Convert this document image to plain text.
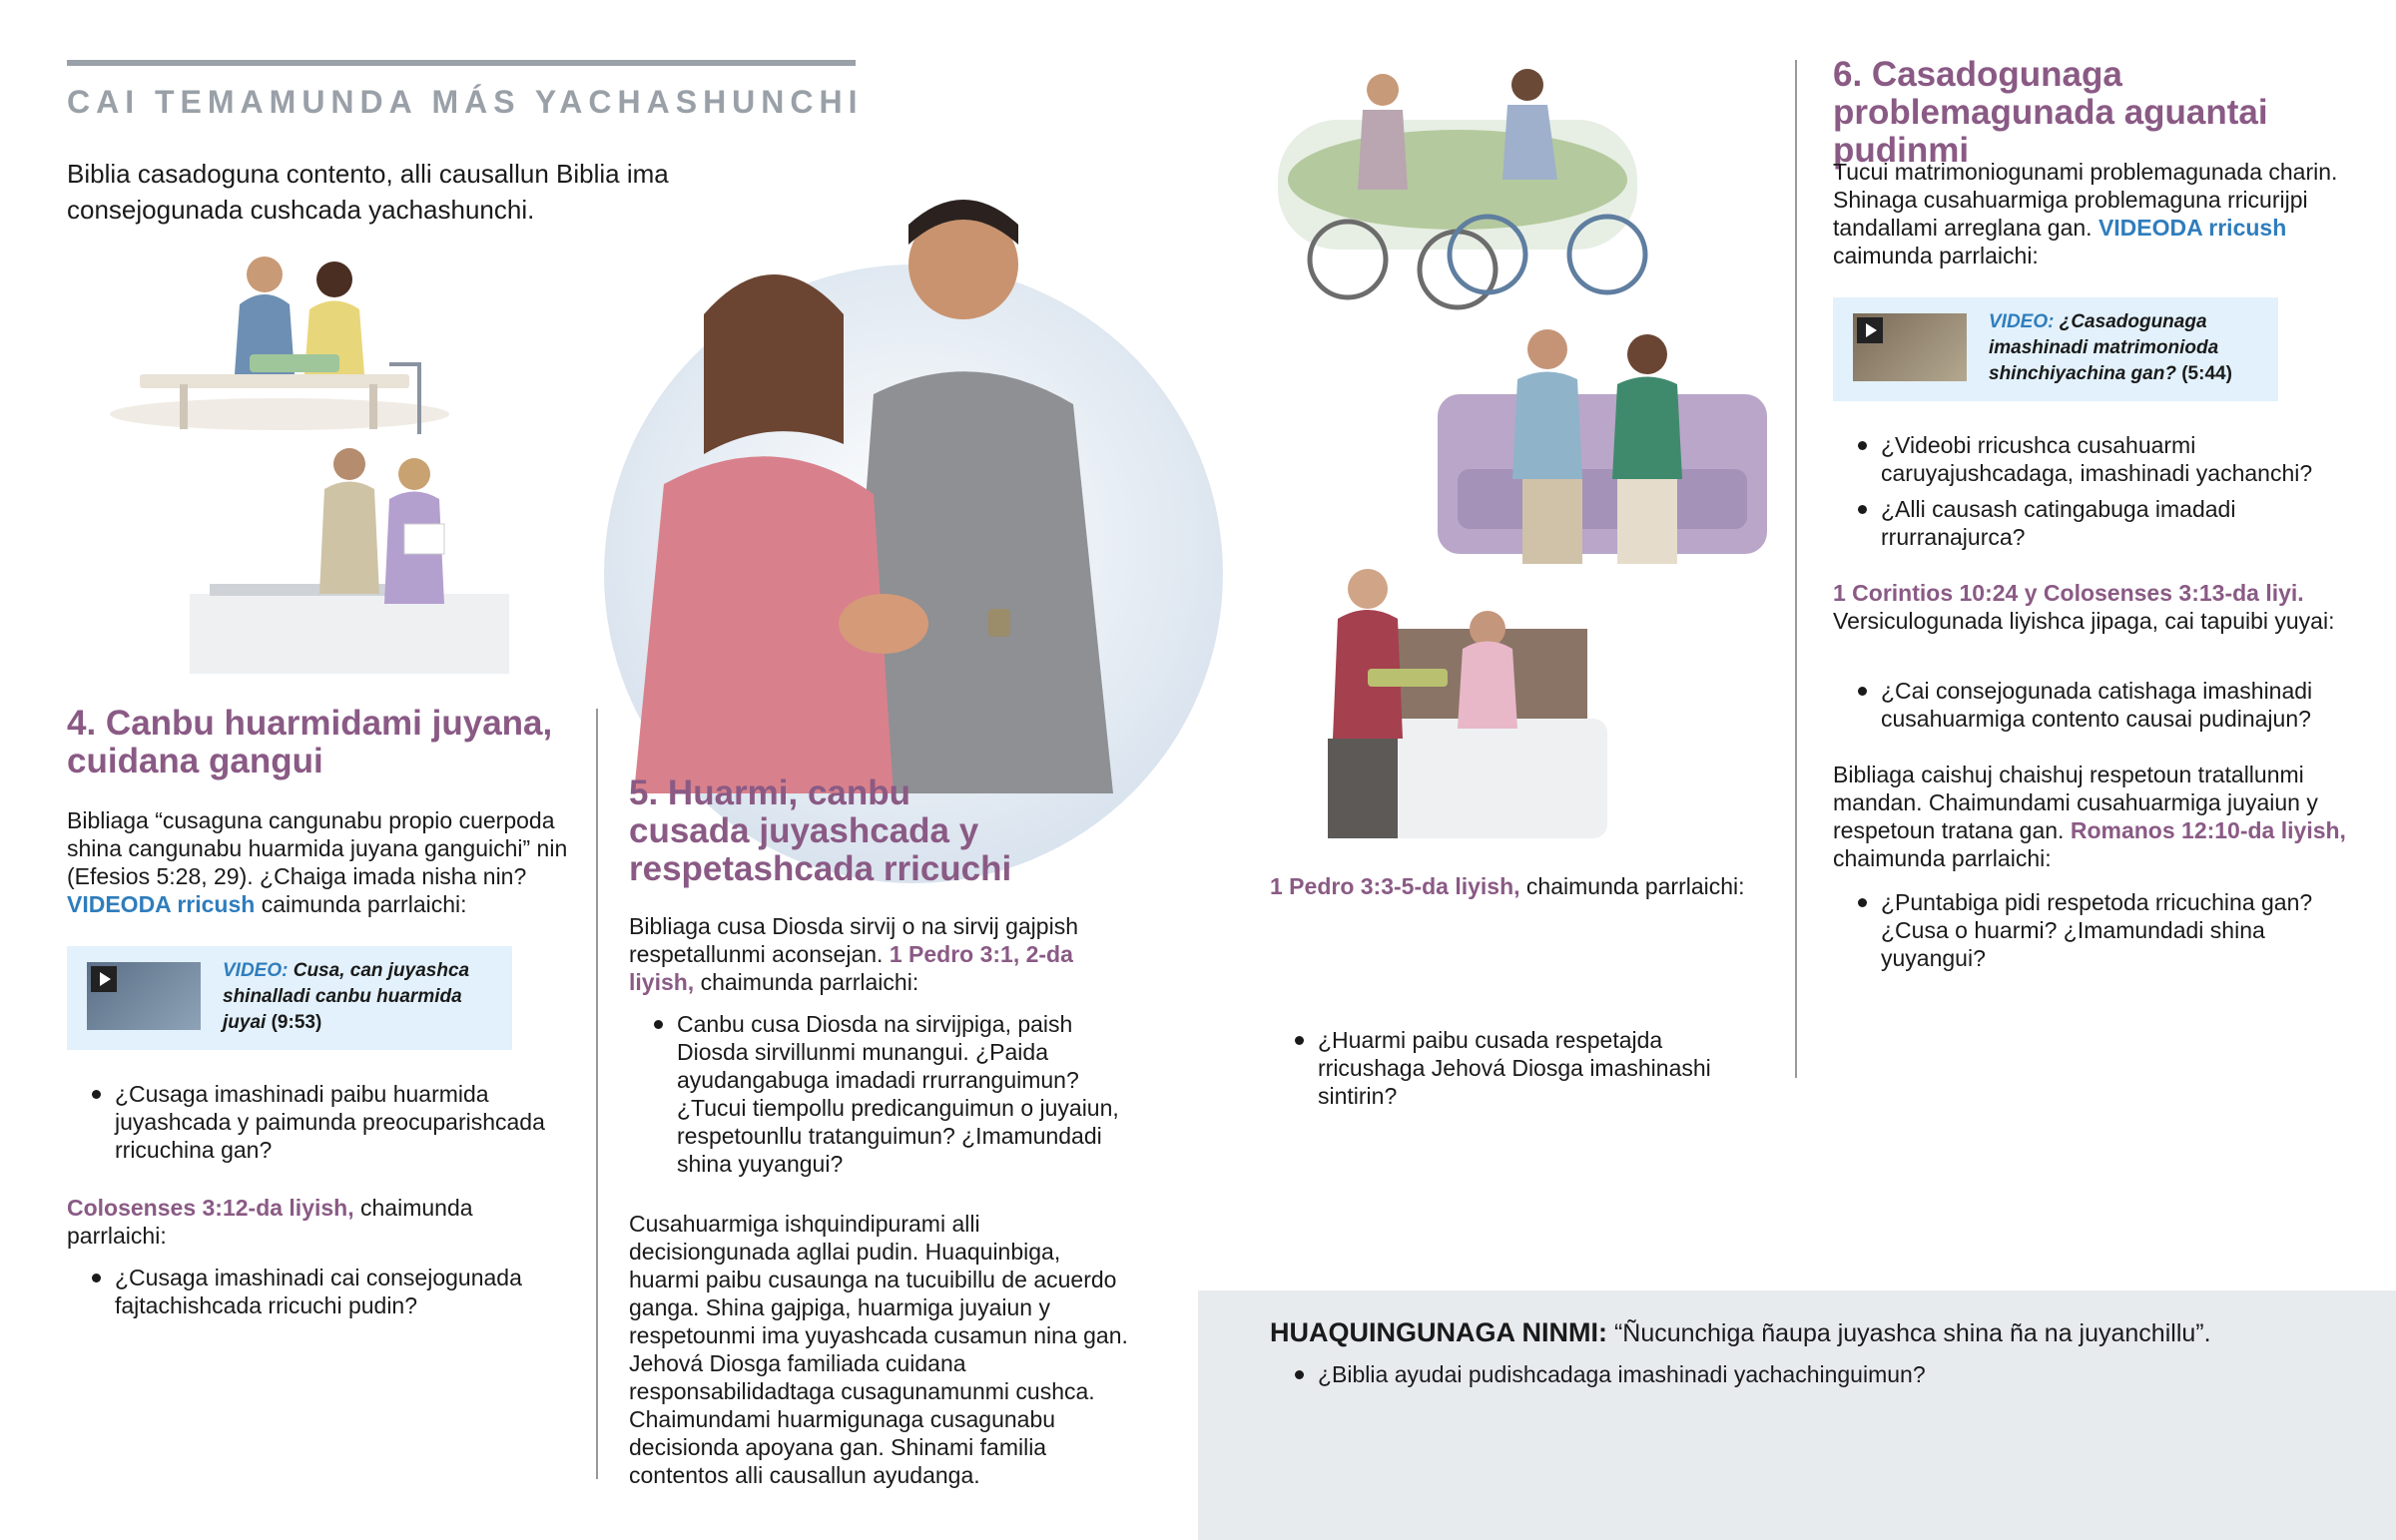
CAI TEMAMUNDA MÁS YACHASHUNCHI
Biblia casadoguna contento, alli causallun Biblia ima consejogunada cushcada yachashunchi.
4. Canbu huarmidami juyana, cuidana gangui
Bibliaga “cusaguna cangunabu propio cuerpoda shina cangunabu huarmida juyana ganguichi” nin (Efesios 5:28, 29). ¿Chaiga imada nisha nin? VIDEODA rricush caimunda parrlaichi:
VIDEO: Cusa, can juyashca shinalladi canbu huarmida juyai (9:53)
¿Cusaga imashinadi paibu huarmida juyashcada y paimunda preocuparishcada rricuchina gan?
Colosenses 3:12-da liyish, chaimunda parrlaichi:
¿Cusaga imashinadi cai consejogunada fajtachishcada rricuchi pudin?
5. Huarmi, canbu cusada juyashcada y respetashcada rricuchi
Bibliaga cusa Diosda sirvij o na sirvij gajpish respetallunmi aconsejan. 1 Pedro 3:1, 2-da liyish, chaimunda parrlaichi:
Canbu cusa Diosda na sirvijpiga, paish Diosda sirvillunmi munangui. ¿Paida ayudangabuga imadadi rrurranguimun? ¿Tucui tiempollu predicanguimun o juyaiun, respetounllu tratanguimun? ¿Imamundadi shina yuyangui?
Cusahuarmiga ishquindipurami alli decisiongunada agllai pudin. Huaquinbiga, huarmi paibu cusaunga na tucuibillu de acuerdo ganga. Shina gajpiga, huarmiga juyaiun y respetounmi ima yuyashcada cusamun nina gan. Jehová Diosga familiada cuidana responsabilidadtaga cusagunamunmi cushca. Chaimundami huarmigunaga cusagunabu decisionda apoyana gan. Shinami familia contentos alli causallun ayudanga.
1 Pedro 3:3-5-da liyish, chaimunda parrlaichi:
¿Huarmi paibu cusada respetajda rricushaga Jehová Diosga imashinashi sintirin?
6. Casadogunaga problemagunada aguantai pudinmi
Tucui matrimoniogunami problemagunada charin. Shinaga cusahuarmiga problemaguna rricurijpi tandallami arreglana gan. VIDEODA rricush caimunda parrlaichi:
VIDEO: ¿Casadogunaga imashinadi matrimonioda shinchiyachina gan? (5:44)
¿Videobi rricushca cusahuarmi caruyajushcadaga, imashinadi yachanchi?
¿Alli causash catingabuga imadadi rrurranajurca?
1 Corintios 10:24 y Colosenses 3:13-da liyi. Versiculogunada liyishca jipaga, cai tapuibi yuyai:
¿Cai consejogunada catishaga imashinadi cusahuarmiga contento causai pudinajun?
Bibliaga caishuj chaishuj respetoun tratallunmi mandan. Chaimundami cusahuarmiga juyaiun y respetoun tratana gan. Romanos 12:10-da liyish, chaimunda parrlaichi:
¿Puntabiga pidi respetoda rricuchina gan? ¿Cusa o huarmi? ¿Imamundadi shina yuyangui?
HUAQUINGUNAGA NINMI: “Ñucunchiga ñaupa juyashca shina ña na juyanchillu”.
¿Biblia ayudai pudishcadaga imashinadi yachachinguimun?
